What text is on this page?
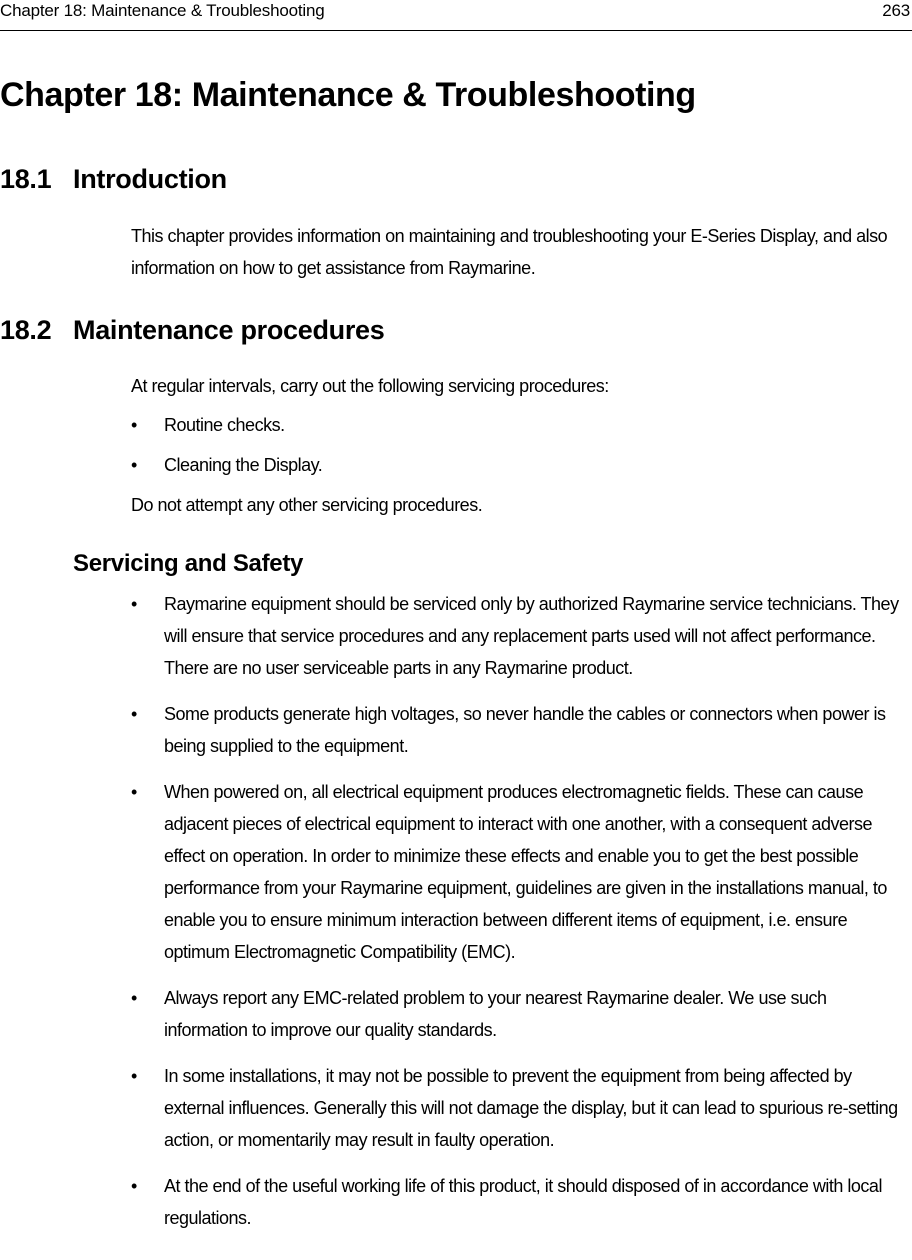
Chapter 18: Maintenance & Troubleshooting	263
Chapter 18: Maintenance & Troubleshooting
18.1 Introduction

This chapter provides information on maintaining and troubleshooting your E-Series Display, and also information on how to get assistance from Raymarine.

18.2 Maintenance procedures

At regular intervals, carry out the following servicing procedures:

• Routine checks.
• Cleaning the Display.

Do not attempt any other servicing procedures.

Servicing and Safety
• Raymarine equipment should be serviced only by authorized Raymarine service technicians. They will ensure that service procedures and any replacement parts used will not affect performance. There are no user serviceable parts in any Raymarine product.
• Some products generate high voltages, so never handle the cables or connectors when power is being supplied to the equipment.
• When powered on, all electrical equipment produces electromagnetic fields. These can cause adjacent pieces of electrical equipment to interact with one another, with a consequent adverse effect on operation. In order to minimize these effects and enable you to get the best possible performance from your Raymarine equipment, guidelines are given in the installations manual, to enable you to ensure minimum interaction between different items of equipment, i.e. ensure optimum Electromagnetic Compatibility (EMC).
• Always report any EMC-related problem to your nearest Raymarine dealer. We use such information to improve our quality standards.
• In some installations, it may not be possible to prevent the equipment from being affected by external influences. Generally this will not damage the display, but it can lead to spurious re-setting action, or momentarily may result in faulty operation.
• At the end of the useful working life of this product, it should disposed of in accordance with local regulations.
